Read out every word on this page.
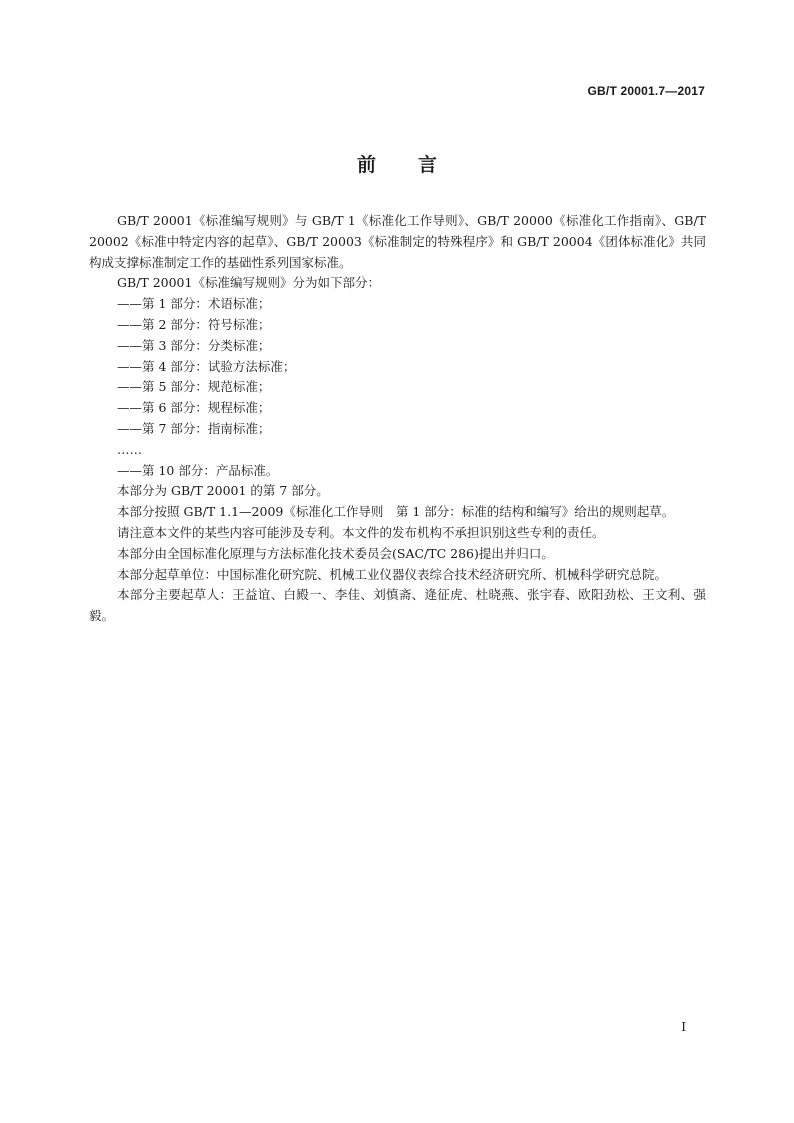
GB/T 20001.7—2017
前言

GB/T 20001《标准编写规则》与 GB/T 1《标准化工作导则》、GB/T 20000《标准化工作指南》、GB/T 20002《标准中特定内容的起草》、GB/T 20003《标准制定的特殊程序》和 GB/T 20004《团体标准化》共同构成支撑标准制定工作的基础性系列国家标准。

GB/T 20001《标准编写规则》分为如下部分：

——第 1 部分：术语标准；

——第 2 部分：符号标准；

——第 3 部分：分类标准；

——第 4 部分：试验方法标准；

——第 5 部分：规范标准；

——第 6 部分：规程标准；

——第 7 部分：指南标准；

……

——第 10 部分：产品标准。

本部分为 GB/T 20001 的第 7 部分。

本部分按照 GB/T 1.1—2009《标准化工作导则　第 1 部分：标准的结构和编写》给出的规则起草。

请注意本文件的某些内容可能涉及专利。本文件的发布机构不承担识别这些专利的责任。

本部分由全国标准化原理与方法标准化技术委员会(SAC/TC 286)提出并归口。

本部分起草单位：中国标准化研究院、机械工业仪器仪表综合技术经济研究所、机械科学研究总院。

本部分主要起草人：王益谊、白殿一、李佳、刘慎斋、逄征虎、杜晓燕、张宇春、欧阳劲松、王文利、强毅。

I
